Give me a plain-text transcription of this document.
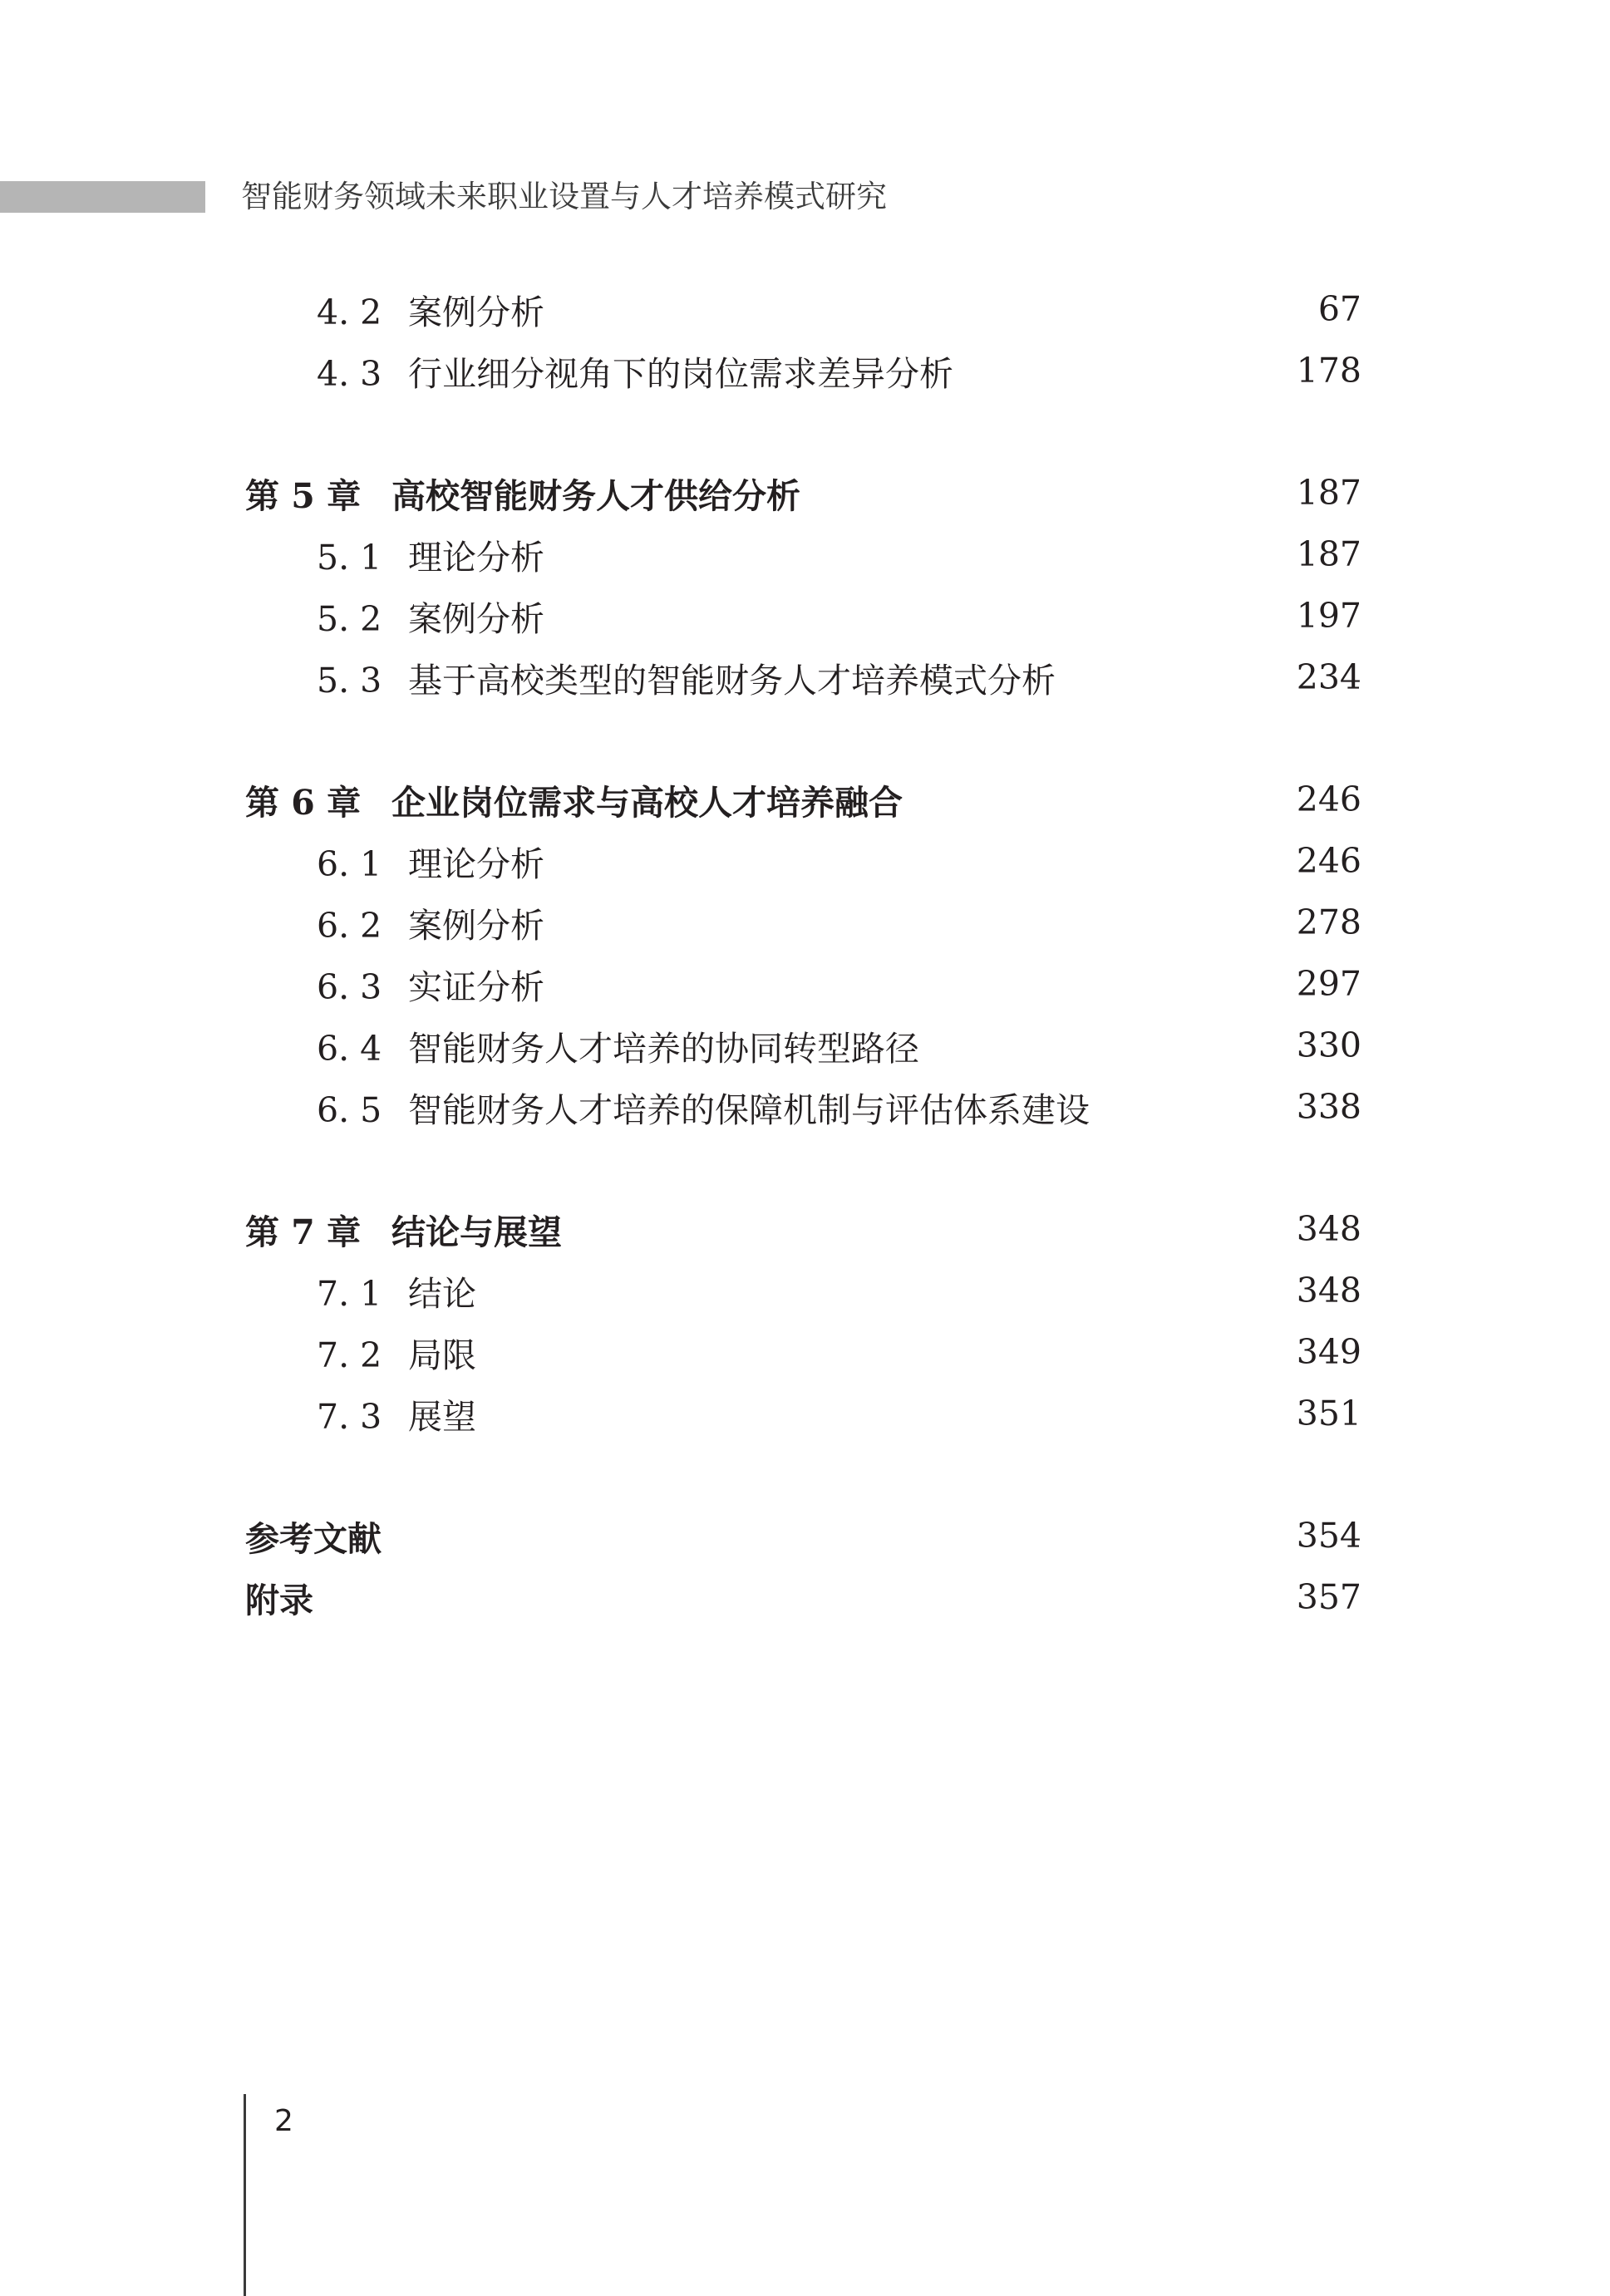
智能财务领域未来职业设置与人才培养模式研究
4. 2 案例分析	67
4. 3 行业细分视角下的岗位需求差异分析	178
第 5 章 高校智能财务人才供给分析	187
5. 1 理论分析	187
5. 2 案例分析	197
5. 3 基于高校类型的智能财务人才培养模式分析	234
第 6 章 企业岗位需求与高校人才培养融合	246
6. 1 理论分析	246
6. 2 案例分析	278
6. 3 实证分析	297
6. 4 智能财务人才培养的协同转型路径	330
6. 5 智能财务人才培养的保障机制与评估体系建设	338
第 7 章 结论与展望	348
7. 1 结论	348
7. 2 局限	349
7. 3 展望	351
参考文献	354
附录	357
2
